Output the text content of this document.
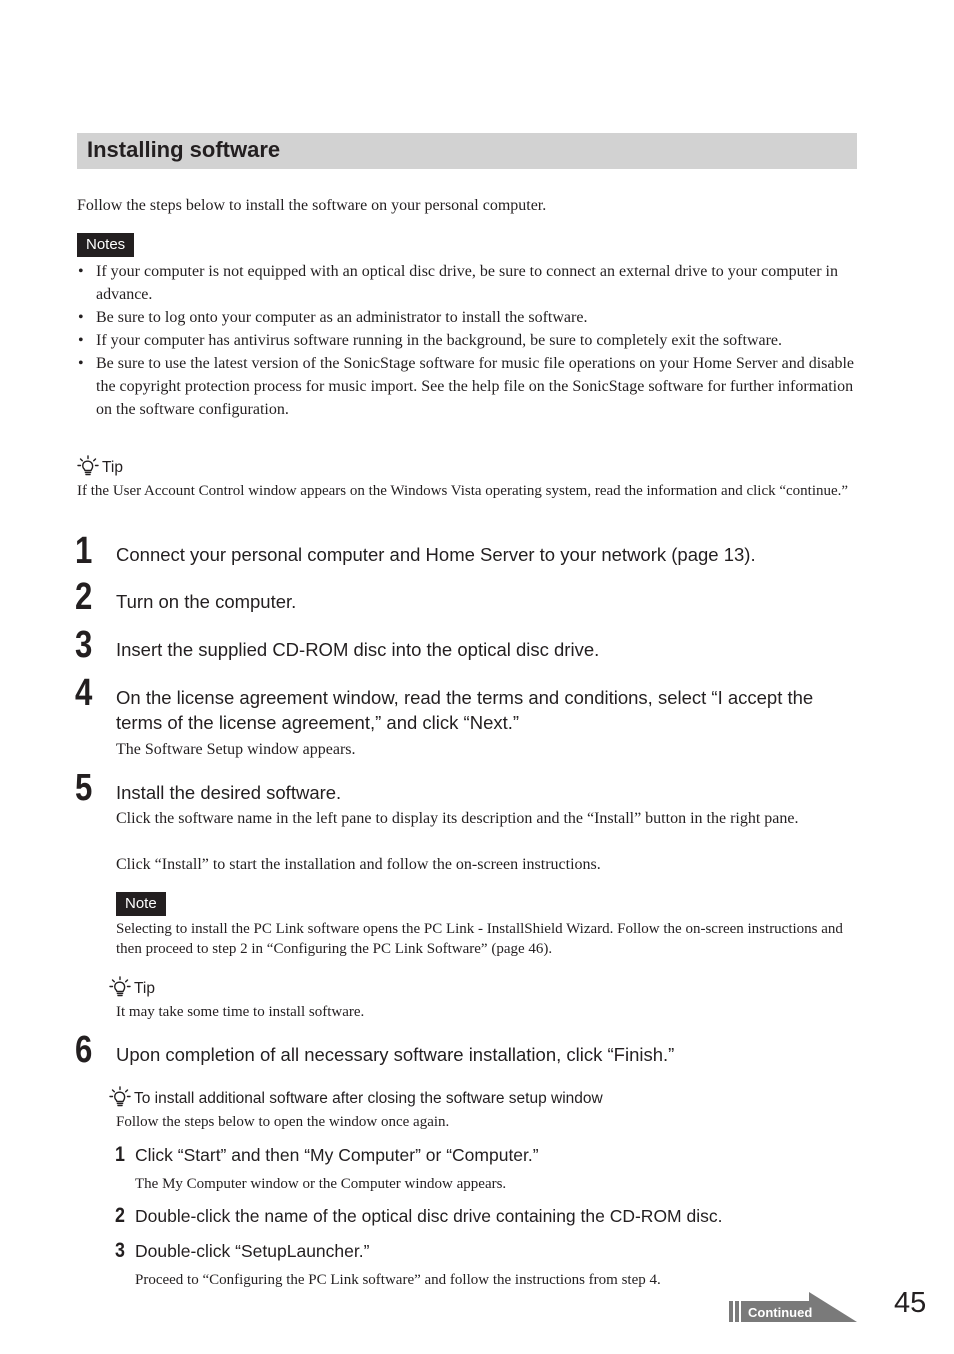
Installing software
Follow the steps below to install the software on your personal computer.
Notes
• If your computer is not equipped with an optical disc drive, be sure to connect an external drive to your computer in advance.
• Be sure to log onto your computer as an administrator to install the software.
• If your computer has antivirus software running in the background, be sure to completely exit the software.
• Be sure to use the latest version of the SonicStage software for music file operations on your Home Server and disable the copyright protection process for music import. See the help file on the SonicStage software for further information on the software configuration.
Tip
If the User Account Control window appears on the Windows Vista operating system, read the information and click “continue.”
1 Connect your personal computer and Home Server to your network (page 13).
2 Turn on the computer.
3 Insert the supplied CD-ROM disc into the optical disc drive.
4 On the license agreement window, read the terms and conditions, select “I accept the terms of the license agreement,” and click “Next.”
The Software Setup window appears.
5 Install the desired software.
Click the software name in the left pane to display its description and the “Install” button in the right pane.
Click “Install” to start the installation and follow the on-screen instructions.
Note
Selecting to install the PC Link software opens the PC Link - InstallShield Wizard. Follow the on-screen instructions and then proceed to step 2 in “Configuring the PC Link Software” (page 46).
Tip
It may take some time to install software.
6 Upon completion of all necessary software installation, click “Finish.”
To install additional software after closing the software setup window
Follow the steps below to open the window once again.
1 Click “Start” and then “My Computer” or “Computer.”
The My Computer window or the Computer window appears.
2 Double-click the name of the optical disc drive containing the CD-ROM disc.
3 Double-click “SetupLauncher.”
Proceed to “Configuring the PC Link software” and follow the instructions from step 4.
Continued	45
